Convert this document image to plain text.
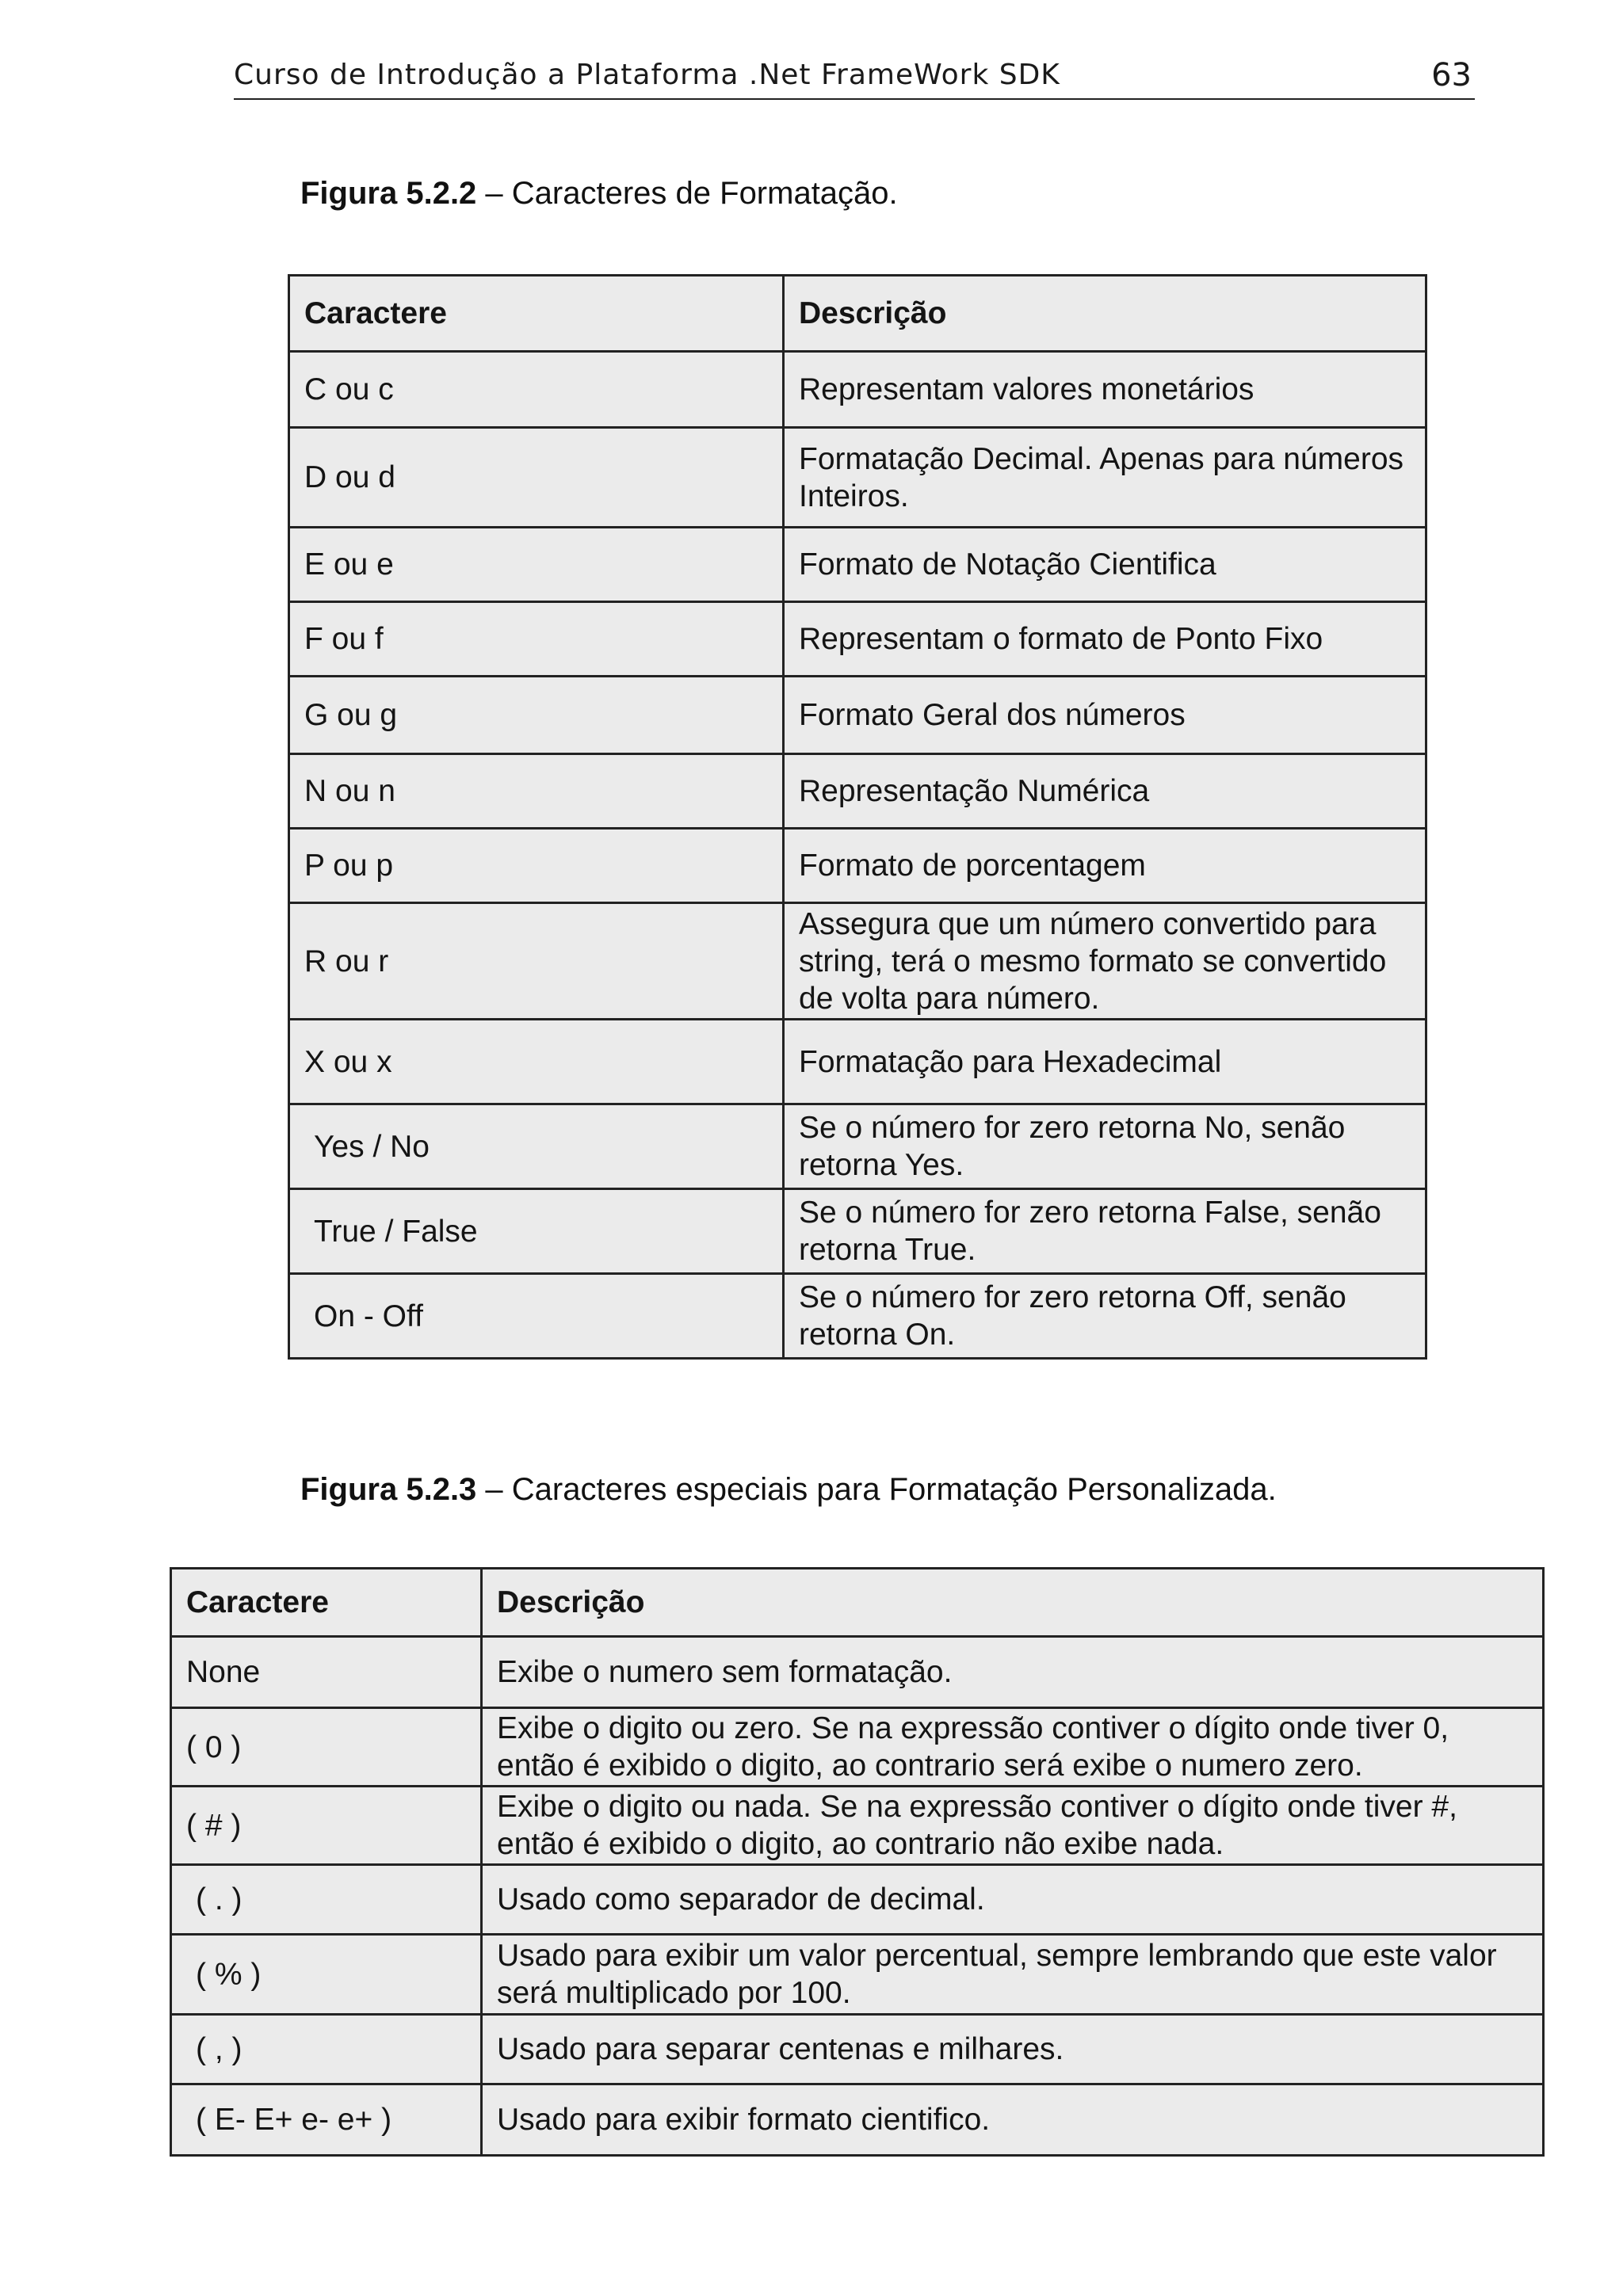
Curso de Introdução a Plataforma .Net FrameWork SDK	63
Figura 5.2.2 – Caracteres de Formatação.
Caractere	Descrição
C ou c	Representam valores monetários
D ou d	Formatação Decimal. Apenas para números Inteiros.
E ou e	Formato de Notação Cientifica
F ou f	Representam o formato de Ponto Fixo
G ou g	Formato Geral dos números
N ou n	Representação Numérica
P ou p	Formato de porcentagem
R ou r	Assegura que um número convertido para string, terá o mesmo formato se convertido de volta para número.
X ou x	Formatação para Hexadecimal
Yes / No	Se o número for zero retorna No, senão retorna Yes.
True / False	Se o número for zero retorna False, senão retorna True.
On - Off	Se o número for zero retorna Off, senão retorna On.
Figura 5.2.3 – Caracteres especiais para Formatação Personalizada.
Caractere	Descrição
None	Exibe o numero sem formatação.
( 0 )	Exibe o digito ou zero. Se na expressão contiver o dígito onde tiver 0, então é exibido o digito, ao contrario será exibe o numero zero.
( # )	Exibe o digito ou nada. Se na expressão contiver o dígito onde tiver #, então é exibido o digito, ao contrario não exibe nada.
( . )	Usado como separador de decimal.
( % )	Usado para exibir um valor percentual, sempre lembrando que este valor será multiplicado por 100.
( , )	Usado para separar centenas e milhares.
( E- E+ e- e+ )	Usado para exibir formato cientifico.
